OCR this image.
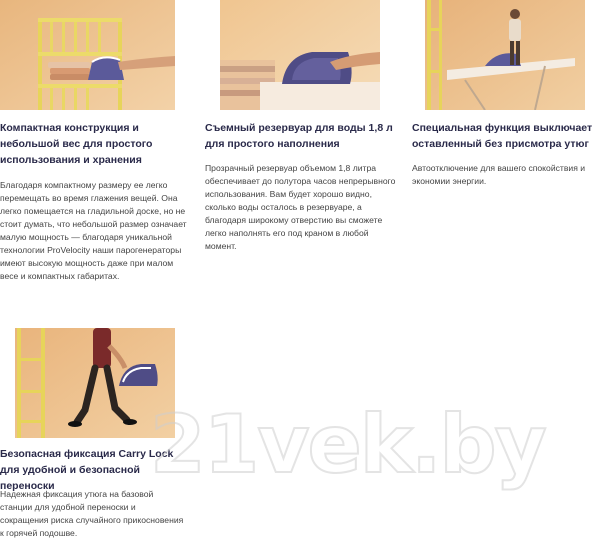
Компактная конструкция и небольшой вес для простого использования и хранения
Благодаря компактному размеру ее легко перемещать во время глажения вещей. Она легко помещается на гладильной доске, но не стоит думать, что небольшой размер означает малую мощность — благодаря уникальной технологии ProVelocity наши парогенераторы имеют высокую мощность даже при малом весе и компактных габаритах.
Съемный резервуар для воды 1,8 л для простого наполнения
Прозрачный резервуар объемом 1,8 литра обеспечивает до полутора часов непрерывного использования. Вам будет хорошо видно, сколько воды осталось в резервуаре, а благодаря широкому отверстию вы сможете легко наполнять его под краном в любой момент.
Специальная функция выключает оставленный без присмотра утюг
Автоотключение для вашего спокойствия и экономии энергии.
Безопасная фиксация Carry Lock для удобной и безопасной переноски
Надежная фиксация утюга на базовой станции для удобной переноски и сокращения риска случайного прикосновения к горячей подошве.
21vek.by
